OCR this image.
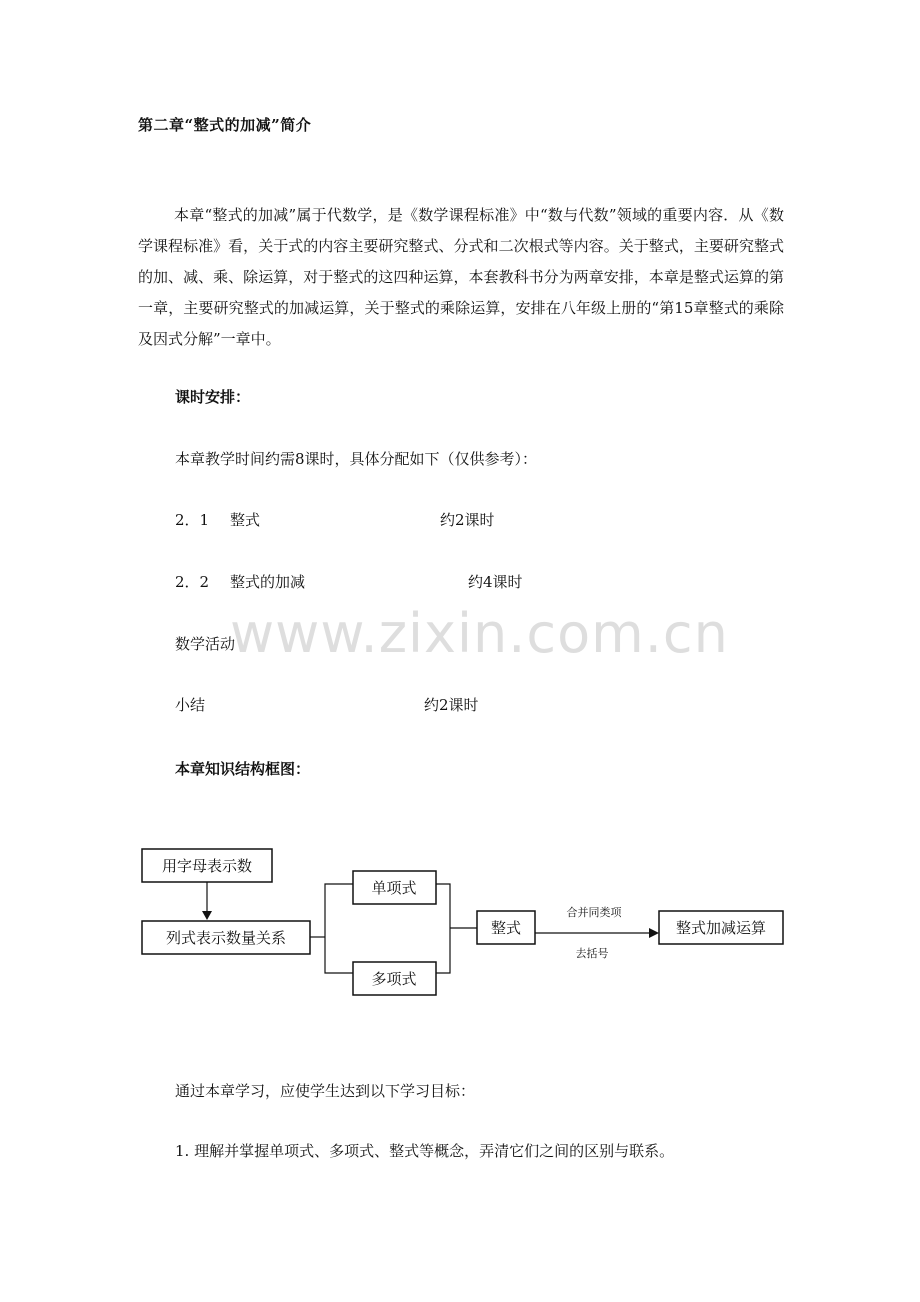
第二章“整式的加减”简介

本章“整式的加减”属于代数学，是《数学课程标准》中“数与代数”领域的重要内容．从《数学课程标准》看，关于式的内容主要研究整式、分式和二次根式等内容。关于整式，主要研究整式的加、减、乘、除运算，对于整式的这四种运算，本套教科书分为两章安排，本章是整式运算的第一章，主要研究整式的加减运算，关于整式的乘除运算，安排在八年级上册的“第15章整式的乘除及因式分解”一章中。

课时安排：
本章教学时间约需8课时，具体分配如下（仅供参考）：
2．1 整式	约2课时
2．2 整式的加减	约4课时
数学活动
小结	约2课时
www.zixin.com.cn
本章知识结构框图：
用字母表示数
列式表示数量关系
单项式
多项式
整式	整式加减运算
合并同类项
去括号
通过本章学习，应使学生达到以下学习目标：
1. 理解并掌握单项式、多项式、整式等概念，弄清它们之间的区别与联系。
